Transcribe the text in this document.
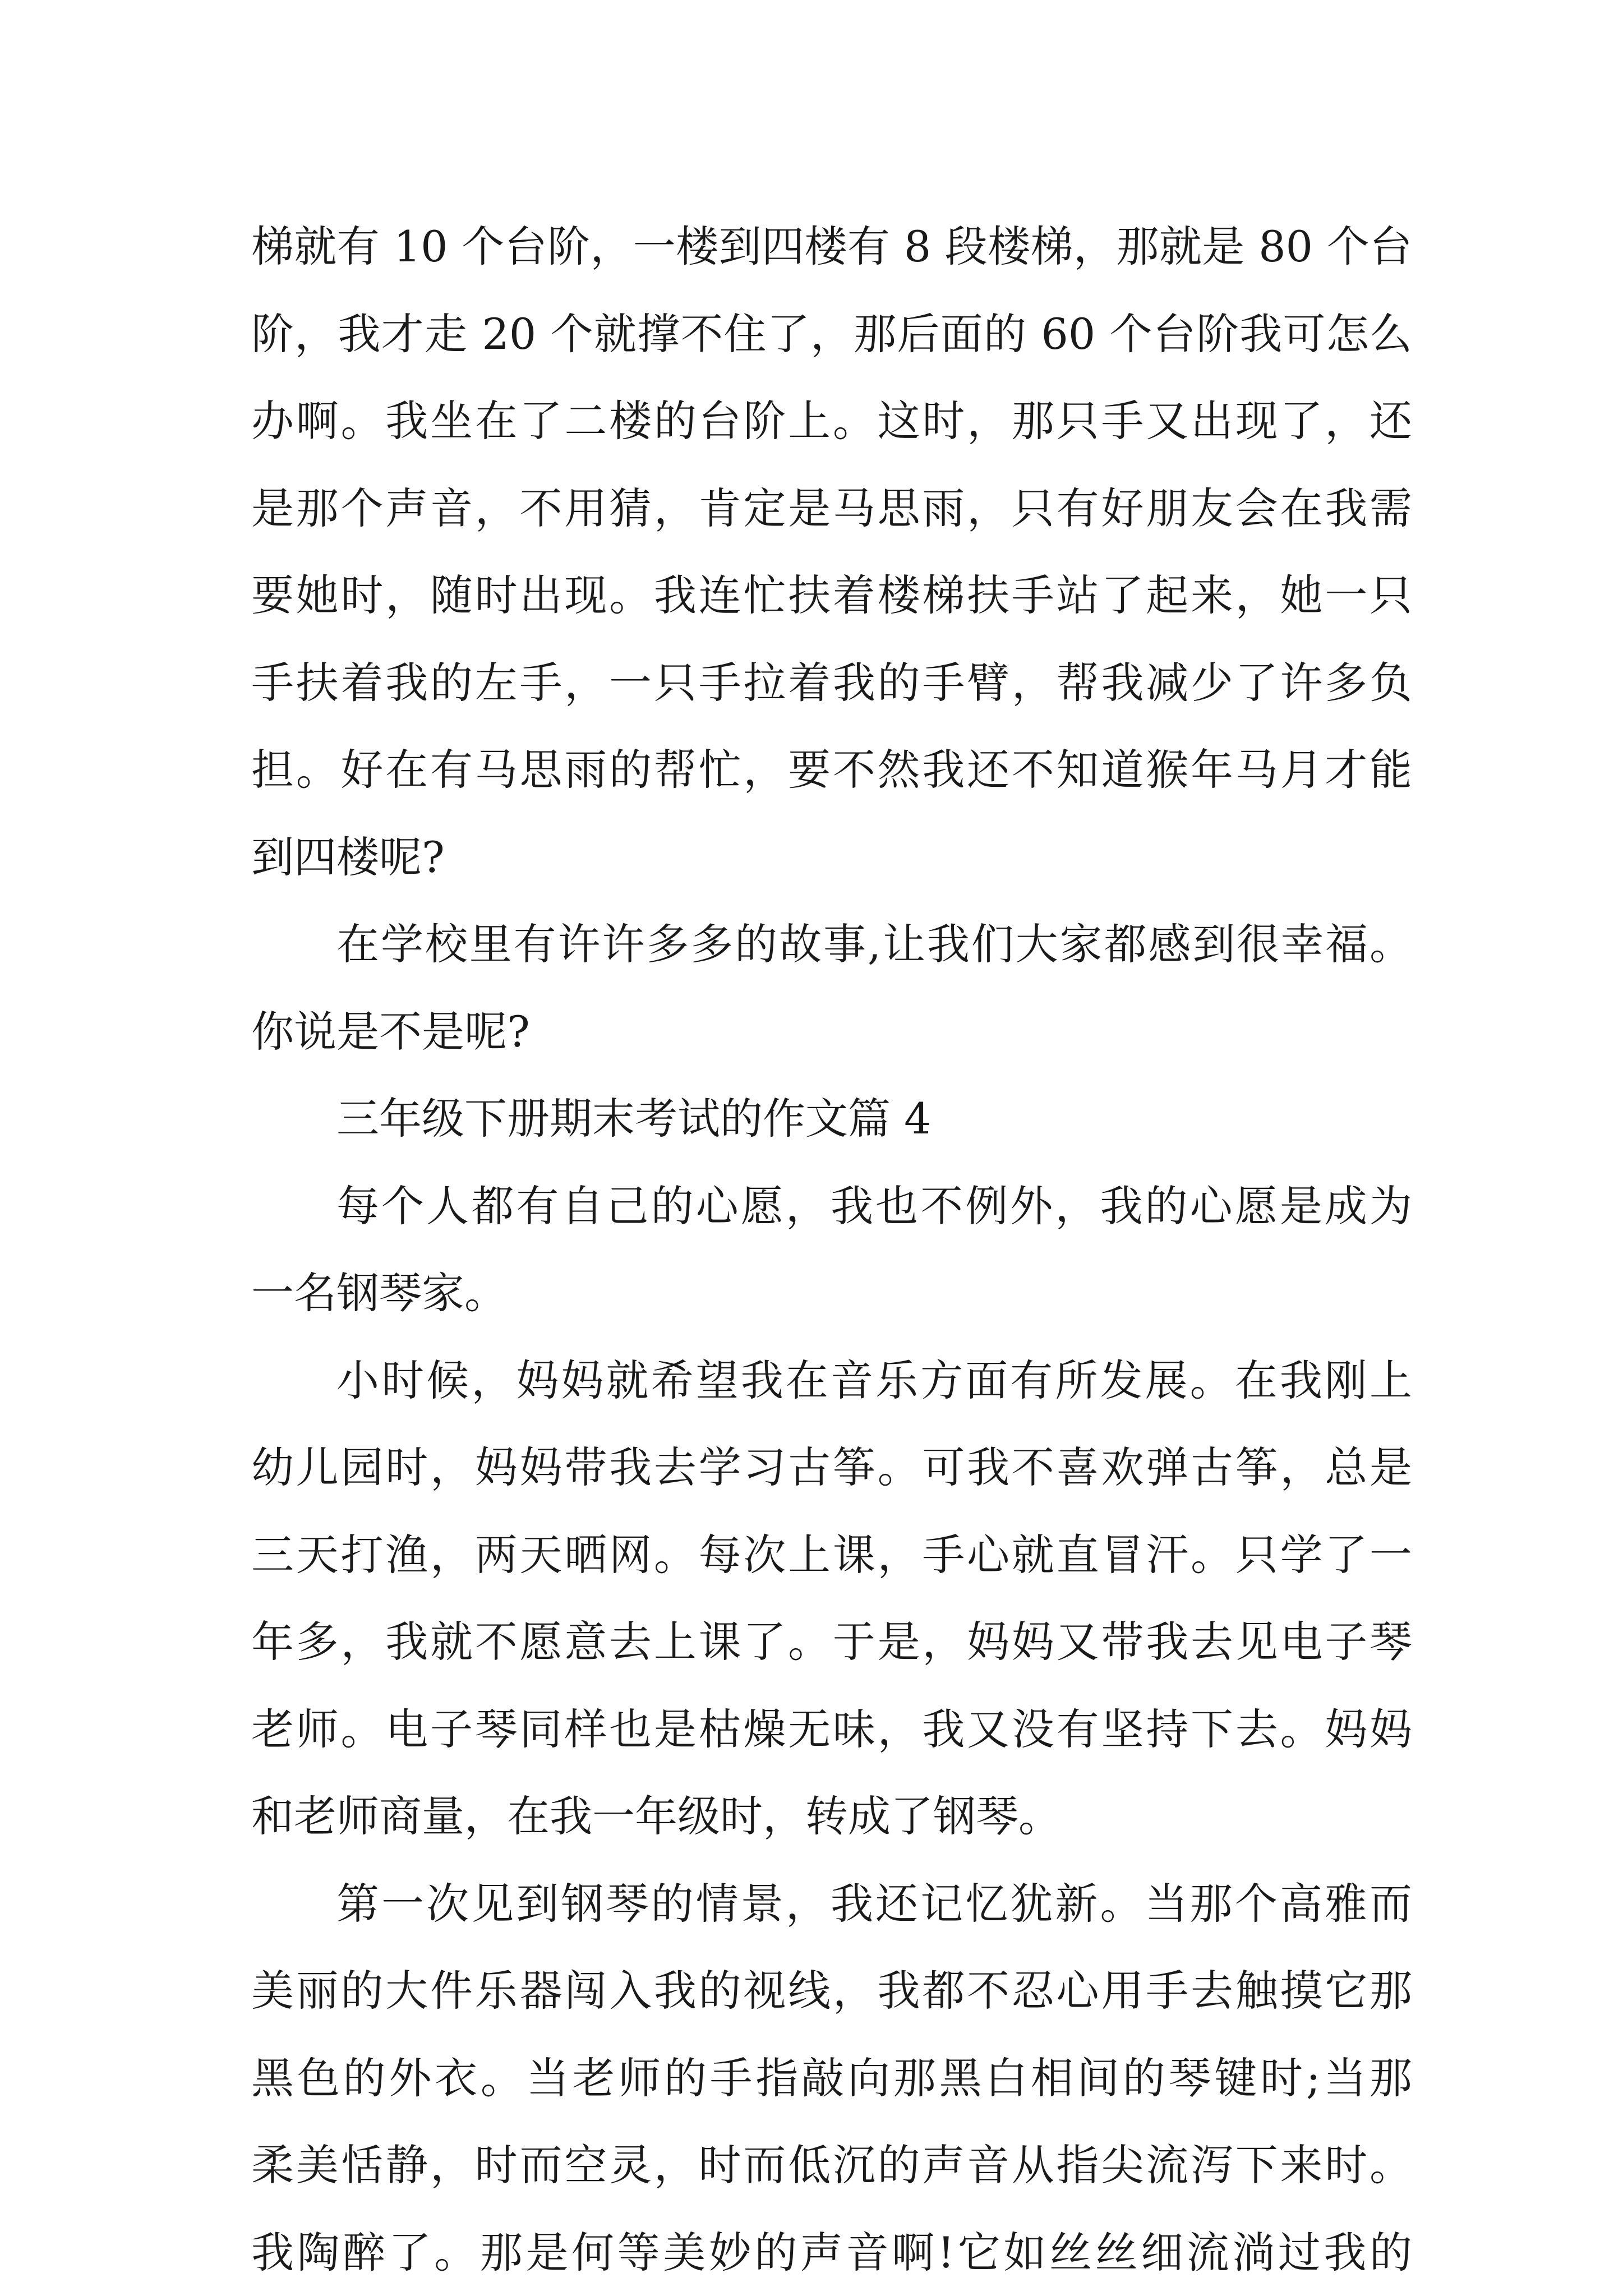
梯就有 10 个台阶，一楼到四楼有 8 段楼梯，那就是 80 个台
阶，我才走 20 个就撑不住了，那后面的 60 个台阶我可怎么
办啊。我坐在了二楼的台阶上。这时，那只手又出现了，还
是那个声音，不用猜，肯定是马思雨，只有好朋友会在我需
要她时，随时出现。我连忙扶着楼梯扶手站了起来，她一只
手扶着我的左手，一只手拉着我的手臂，帮我减少了许多负
担。好在有马思雨的帮忙，要不然我还不知道猴年马月才能
到四楼呢?
在学校里有许许多多的故事,让我们大家都感到很幸福。
你说是不是呢?
三年级下册期末考试的作文篇 4
每个人都有自己的心愿，我也不例外，我的心愿是成为
一名钢琴家。
小时候，妈妈就希望我在音乐方面有所发展。在我刚上
幼儿园时，妈妈带我去学习古筝。可我不喜欢弹古筝，总是
三天打渔，两天晒网。每次上课，手心就直冒汗。只学了一
年多，我就不愿意去上课了。于是，妈妈又带我去见电子琴
老师。电子琴同样也是枯燥无味，我又没有坚持下去。妈妈
和老师商量，在我一年级时，转成了钢琴。
第一次见到钢琴的情景，我还记忆犹新。当那个高雅而
美丽的大件乐器闯入我的视线，我都不忍心用手去触摸它那
黑色的外衣。当老师的手指敲向那黑白相间的琴键时;当那
柔美恬静，时而空灵，时而低沉的声音从指尖流泻下来时。
我陶醉了。那是何等美妙的声音啊!它如丝丝细流淌过我的
